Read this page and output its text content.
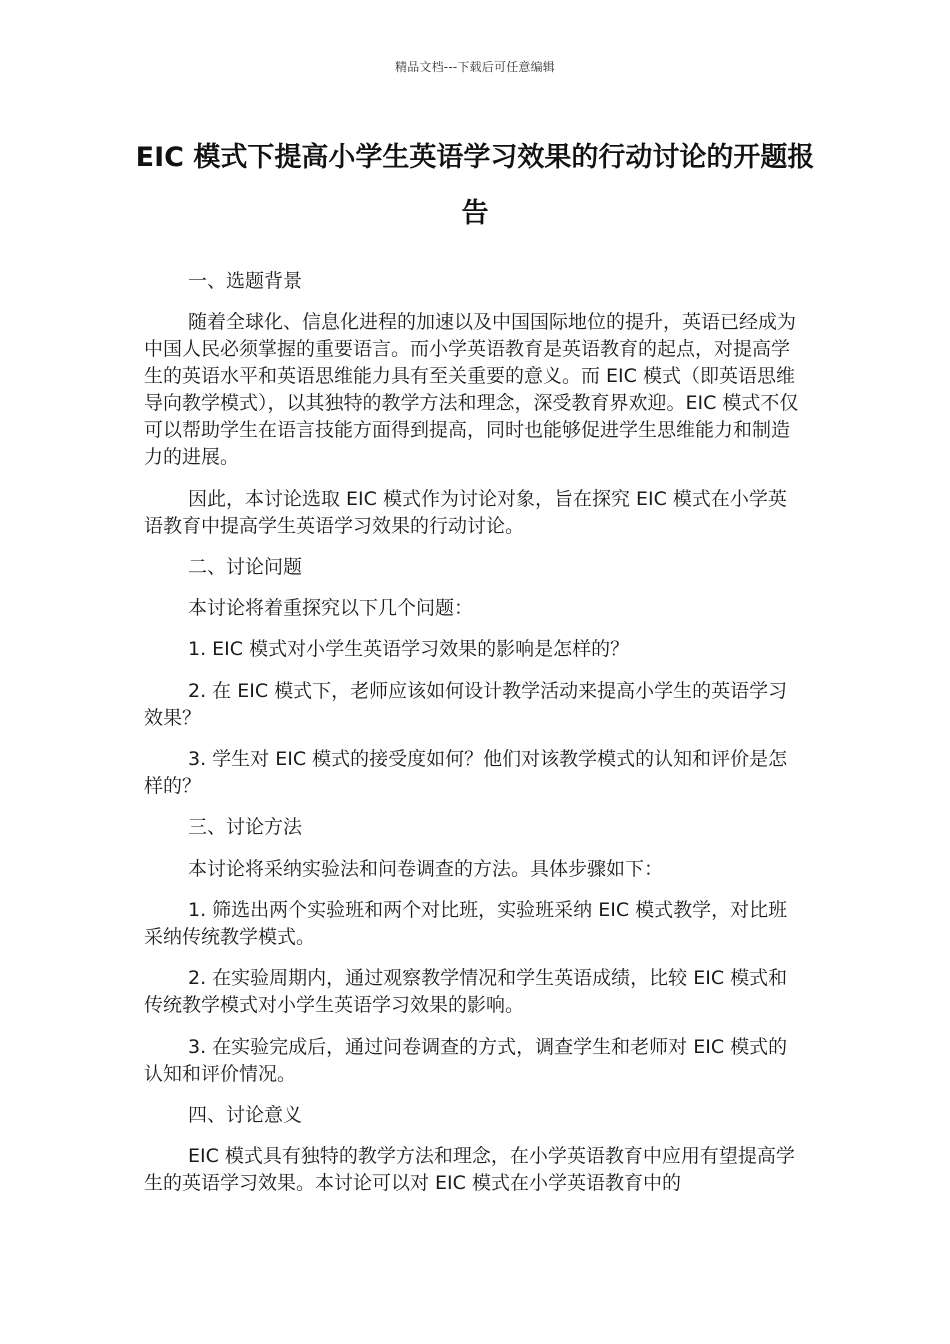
精品文档---下载后可任意编辑
EIC 模式下提高小学生英语学习效果的行动讨论的开题报告

一、选题背景

随着全球化、信息化进程的加速以及中国国际地位的提升，英语已经成为中国人民必须掌握的重要语言。而小学英语教育是英语教育的起点，对提高学生的英语水平和英语思维能力具有至关重要的意义。而 EIC 模式（即英语思维导向教学模式），以其独特的教学方法和理念，深受教育界欢迎。EIC 模式不仅可以帮助学生在语言技能方面得到提高，同时也能够促进学生思维能力和制造力的进展。

因此，本讨论选取 EIC 模式作为讨论对象，旨在探究 EIC 模式在小学英语教育中提高学生英语学习效果的行动讨论。

二、讨论问题

本讨论将着重探究以下几个问题：

1. EIC 模式对小学生英语学习效果的影响是怎样的？

2. 在 EIC 模式下，老师应该如何设计教学活动来提高小学生的英语学习效果？

3. 学生对 EIC 模式的接受度如何？他们对该教学模式的认知和评价是怎样的？

三、讨论方法

本讨论将采纳实验法和问卷调查的方法。具体步骤如下：

1. 筛选出两个实验班和两个对比班，实验班采纳 EIC 模式教学，对比班采纳传统教学模式。

2. 在实验周期内，通过观察教学情况和学生英语成绩，比较 EIC 模式和传统教学模式对小学生英语学习效果的影响。

3. 在实验完成后，通过问卷调查的方式，调查学生和老师对 EIC 模式的认知和评价情况。

四、讨论意义

EIC 模式具有独特的教学方法和理念，在小学英语教育中应用有望提高学生的英语学习效果。本讨论可以对 EIC 模式在小学英语教育中的
